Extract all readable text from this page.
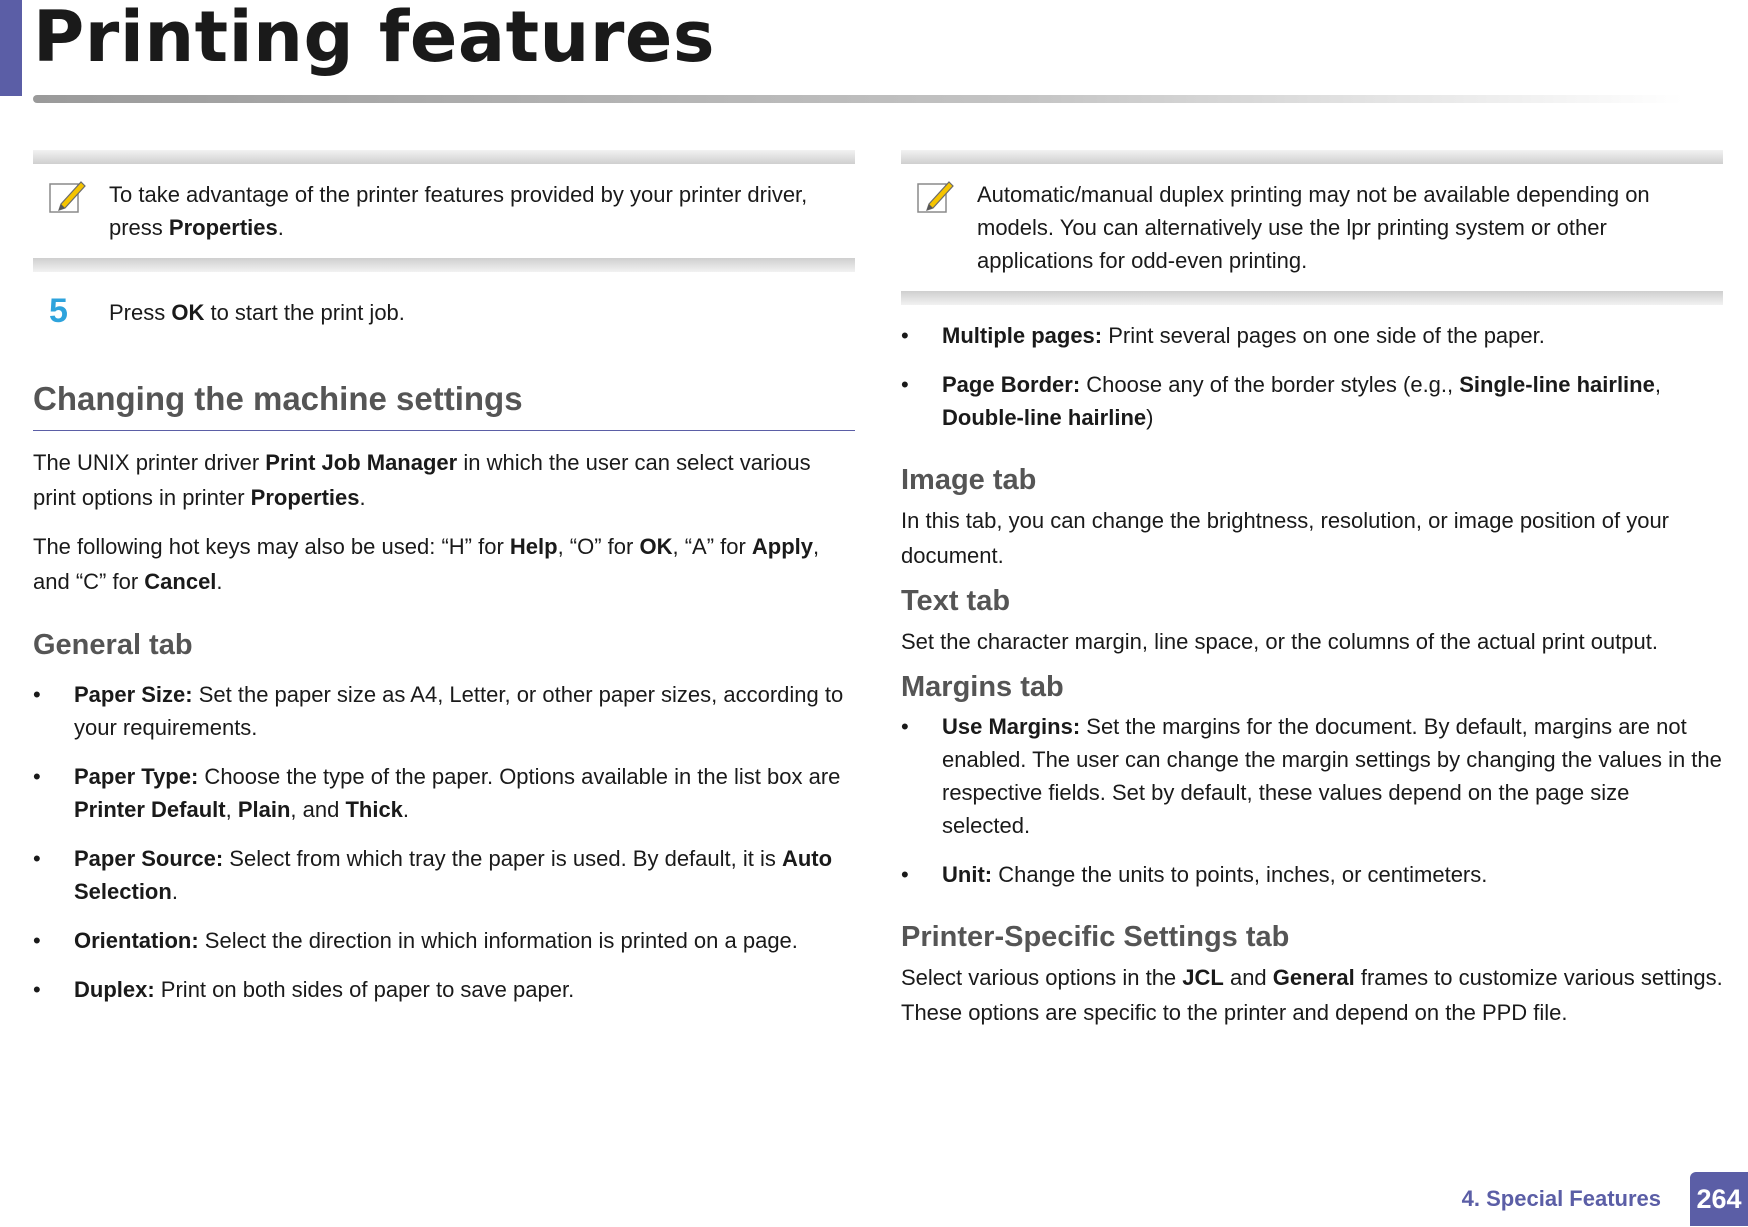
Printing features
To take advantage of the printer features provided by your printer driver, press Properties.
5 Press OK to start the print job.
Changing the machine settings

The UNIX printer driver Print Job Manager in which the user can select various print options in printer Properties.

The following hot keys may also be used: “H” for Help, “O” for OK, “A” for Apply, and “C” for Cancel.

General tab
• Paper Size: Set the paper size as A4, Letter, or other paper sizes, according to your requirements.
• Paper Type: Choose the type of the paper. Options available in the list box are Printer Default, Plain, and Thick.
• Paper Source: Select from which tray the paper is used. By default, it is Auto Selection.
• Orientation: Select the direction in which information is printed on a page.
• Duplex: Print on both sides of paper to save paper.
Automatic/manual duplex printing may not be available depending on models. You can alternatively use the lpr printing system or other applications for odd-even printing.
• Multiple pages: Print several pages on one side of the paper.
• Page Border: Choose any of the border styles (e.g., Single-line hairline, Double-line hairline)
Image tab

In this tab, you can change the brightness, resolution, or image position of your document.

Text tab

Set the character margin, line space, or the columns of the actual print output.

Margins tab
• Use Margins: Set the margins for the document. By default, margins are not enabled. The user can change the margin settings by changing the values in the respective fields. Set by default, these values depend on the page size selected.
• Unit: Change the units to points, inches, or centimeters.
Printer-Specific Settings tab

Select various options in the JCL and General frames to customize various settings. These options are specific to the printer and depend on the PPD file.

4. Special Features 264
